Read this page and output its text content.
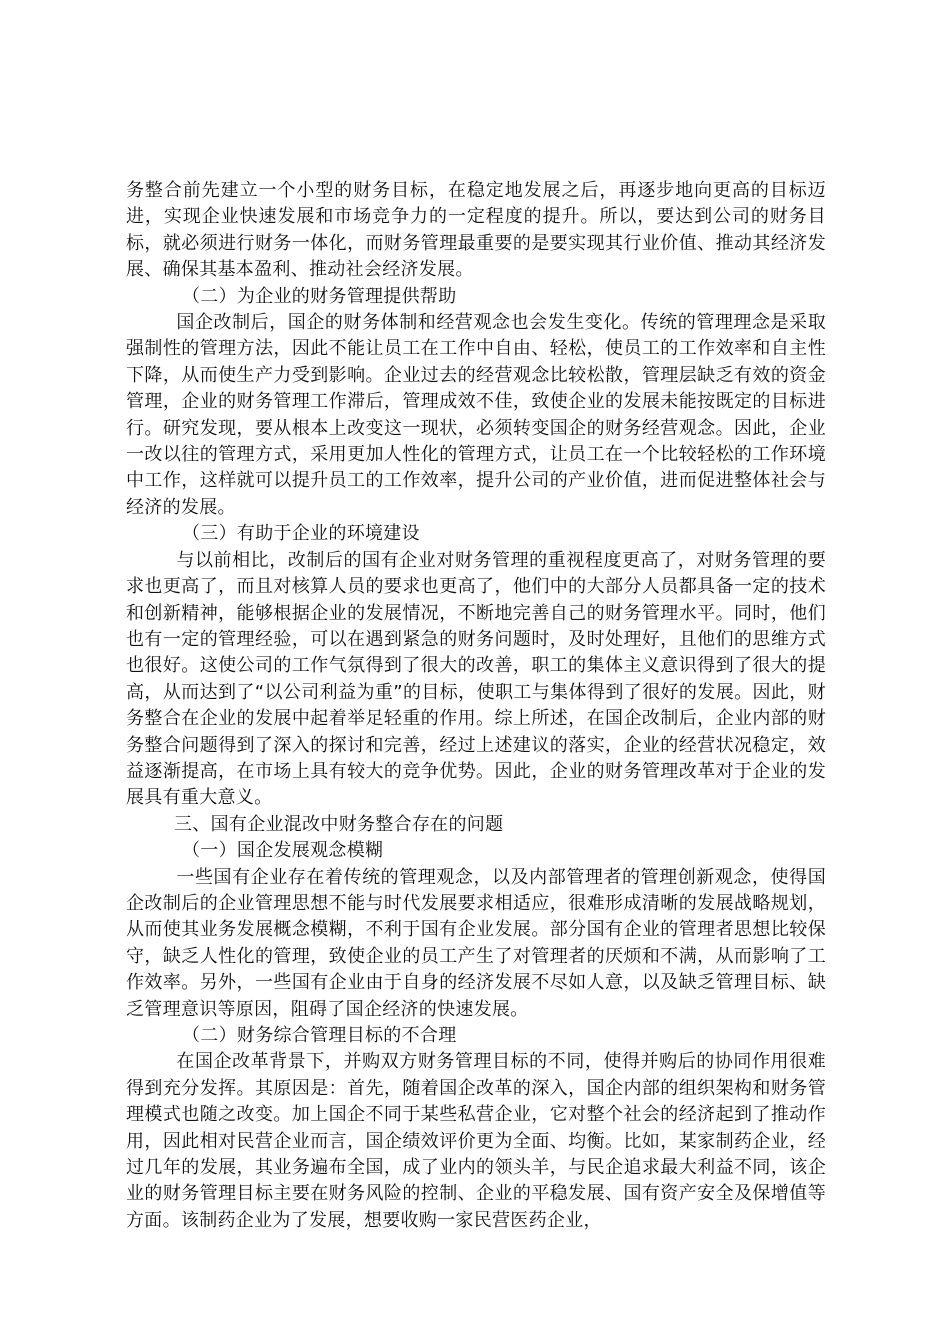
务整合前先建立一个小型的财务目标，在稳定地发展之后，再逐步地向更高的目标迈进，实现企业快速发展和市场竞争力的一定程度的提升。所以，要达到公司的财务目标，就必须进行财务一体化，而财务管理最重要的是要实现其行业价值、推动其经济发展、确保其基本盈利、推动社会经济发展。

（二）为企业的财务管理提供帮助

国企改制后，国企的财务体制和经营观念也会发生变化。传统的管理理念是采取强制性的管理方法，因此不能让员工在工作中自由、轻松，使员工的工作效率和自主性下降，从而使生产力受到影响。企业过去的经营观念比较松散，管理层缺乏有效的资金管理，企业的财务管理工作滞后，管理成效不佳，致使企业的发展未能按既定的目标进行。研究发现，要从根本上改变这一现状，必须转变国企的财务经营观念。因此，企业一改以往的管理方式，采用更加人性化的管理方式，让员工在一个比较轻松的工作环境中工作，这样就可以提升员工的工作效率，提升公司的产业价值，进而促进整体社会与经济的发展。

（三）有助于企业的环境建设

与以前相比，改制后的国有企业对财务管理的重视程度更高了，对财务管理的要求也更高了，而且对核算人员的要求也更高了，他们中的大部分人员都具备一定的技术和创新精神，能够根据企业的发展情况，不断地完善自己的财务管理水平。同时，他们也有一定的管理经验，可以在遇到紧急的财务问题时，及时处理好，且他们的思维方式也很好。这使公司的工作气氛得到了很大的改善，职工的集体主义意识得到了很大的提高，从而达到了“以公司利益为重”的目标，使职工与集体得到了很好的发展。因此，财务整合在企业的发展中起着举足轻重的作用。综上所述，在国企改制后，企业内部的财务整合问题得到了深入的探讨和完善，经过上述建议的落实，企业的经营状况稳定，效益逐渐提高，在市场上具有较大的竞争优势。因此，企业的财务管理改革对于企业的发展具有重大意义。

三、国有企业混改中财务整合存在的问题

（一）国企发展观念模糊

一些国有企业存在着传统的管理观念，以及内部管理者的管理创新观念，使得国企改制后的企业管理思想不能与时代发展要求相适应，很难形成清晰的发展战略规划，从而使其业务发展概念模糊，不利于国有企业发展。部分国有企业的管理者思想比较保守，缺乏人性化的管理，致使企业的员工产生了对管理者的厌烦和不满，从而影响了工作效率。另外，一些国有企业由于自身的经济发展不尽如人意，以及缺乏管理目标、缺乏管理意识等原因，阻碍了国企经济的快速发展。

（二）财务综合管理目标的不合理

在国企改革背景下，并购双方财务管理目标的不同，使得并购后的协同作用很难得到充分发挥。其原因是：首先，随着国企改革的深入，国企内部的组织架构和财务管理模式也随之改变。加上国企不同于某些私营企业，它对整个社会的经济起到了推动作用，因此相对民营企业而言，国企绩效评价更为全面、均衡。比如，某家制药企业，经过几年的发展，其业务遍布全国，成了业内的领头羊，与民企追求最大利益不同，该企业的财务管理目标主要在财务风险的控制、企业的平稳发展、国有资产安全及保增值等方面。该制药企业为了发展，想要收购一家民营医药企业，
